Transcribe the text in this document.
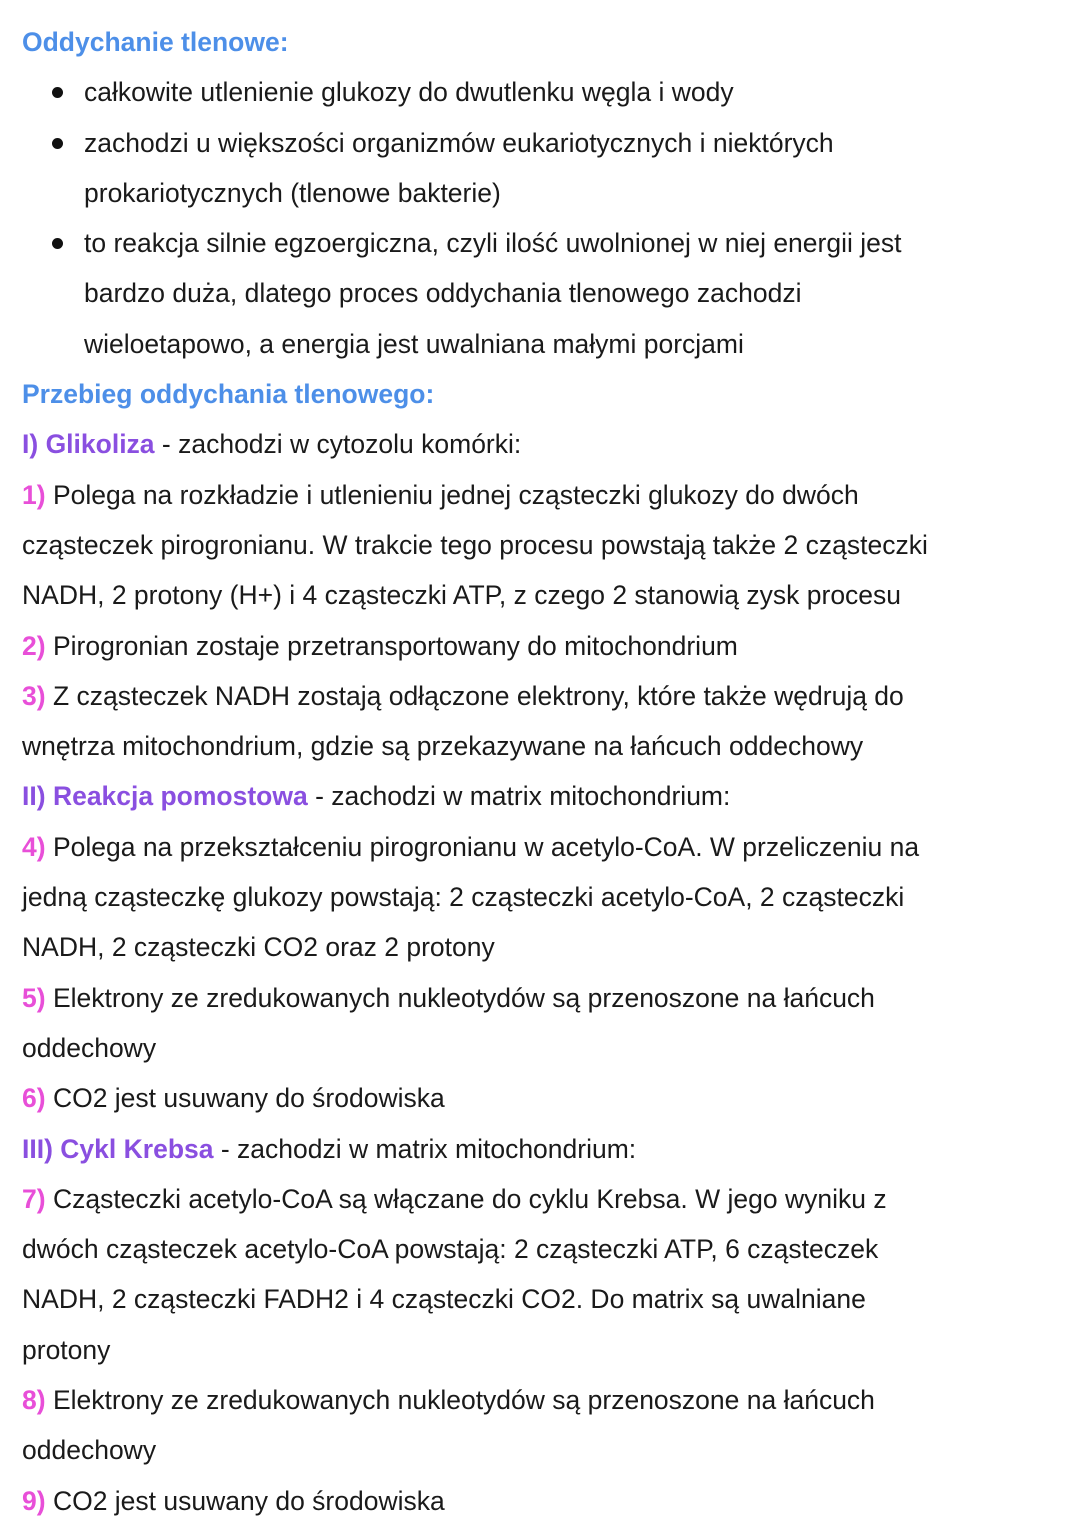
Oddychanie tlenowe:
całkowite utlenienie glukozy do dwutlenku węgla i wody
zachodzi u większości organizmów eukariotycznych i niektórych
prokariotycznych (tlenowe bakterie)
to reakcja silnie egzoergiczna, czyli ilość uwolnionej w niej energii jest
bardzo duża, dlatego proces oddychania tlenowego zachodzi
wieloetapowo, a energia jest uwalniana małymi porcjami
Przebieg oddychania tlenowego:
I) Glikoliza - zachodzi w cytozolu komórki:
1) Polega na rozkładzie i utlenieniu jednej cząsteczki glukozy do dwóch
cząsteczek pirogronianu. W trakcie tego procesu powstają także 2 cząsteczki
NADH, 2 protony (H+) i 4 cząsteczki ATP, z czego 2 stanowią zysk procesu
2) Pirogronian zostaje przetransportowany do mitochondrium
3) Z cząsteczek NADH zostają odłączone elektrony, które także wędrują do
wnętrza mitochondrium, gdzie są przekazywane na łańcuch oddechowy
II) Reakcja pomostowa - zachodzi w matrix mitochondrium:
4) Polega na przekształceniu pirogronianu w acetylo-CoA. W przeliczeniu na
jedną cząsteczkę glukozy powstają: 2 cząsteczki acetylo-CoA, 2 cząsteczki
NADH, 2 cząsteczki CO2 oraz 2 protony
5) Elektrony ze zredukowanych nukleotydów są przenoszone na łańcuch
oddechowy
6) CO2 jest usuwany do środowiska
III) Cykl Krebsa - zachodzi w matrix mitochondrium:
7) Cząsteczki acetylo-CoA są włączane do cyklu Krebsa. W jego wyniku z
dwóch cząsteczek acetylo-CoA powstają: 2 cząsteczki ATP, 6 cząsteczek
NADH, 2 cząsteczki FADH2 i 4 cząsteczki CO2. Do matrix są uwalniane
protony
8) Elektrony ze zredukowanych nukleotydów są przenoszone na łańcuch
oddechowy
9) CO2 jest usuwany do środowiska
